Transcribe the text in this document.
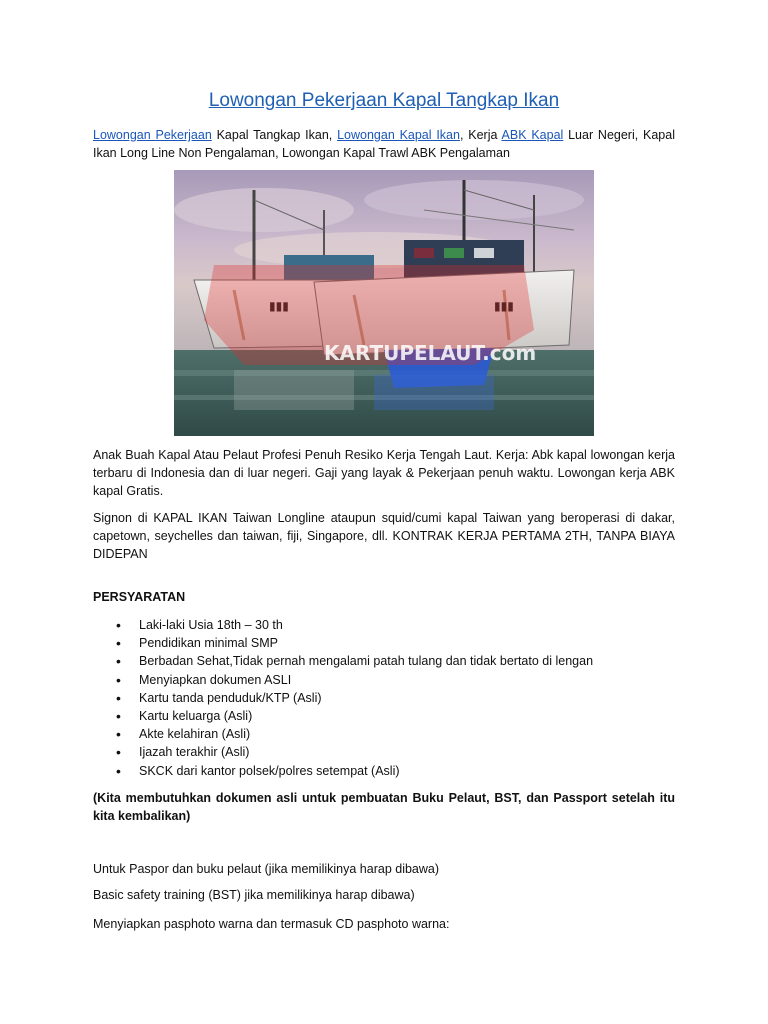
Lowongan Pekerjaan Kapal Tangkap Ikan
Lowongan Pekerjaan Kapal Tangkap Ikan, Lowongan Kapal Ikan, Kerja ABK Kapal Luar Negeri, Kapal Ikan Long Line Non Pengalaman, Lowongan Kapal Trawl ABK Pengalaman
▮▮▮	▮▮▮
KARTUPELAUT.com
Anak Buah Kapal Atau Pelaut Profesi Penuh Resiko Kerja Tengah Laut. Kerja: Abk kapal lowongan kerja terbaru di Indonesia dan di luar negeri. Gaji yang layak & Pekerjaan penuh waktu. Lowongan kerja ABK kapal Gratis.
Signon di KAPAL IKAN Taiwan Longline ataupun squid/cumi kapal Taiwan yang beroperasi di dakar, capetown, seychelles dan taiwan, fiji, Singapore, dll. KONTRAK KERJA PERTAMA 2TH, TANPA BIAYA DIDEPAN
PERSYARATAN
• Laki-laki Usia 18th – 30 th
• Pendidikan minimal SMP
• Berbadan Sehat,Tidak pernah mengalami patah tulang dan tidak bertato di lengan
• Menyiapkan dokumen ASLI
• Kartu tanda penduduk/KTP (Asli)
• Kartu keluarga (Asli)
• Akte kelahiran (Asli)
• Ijazah terakhir (Asli)
• SKCK dari kantor polsek/polres setempat (Asli)
(Kita membutuhkan dokumen asli untuk pembuatan Buku Pelaut, BST, dan Passport setelah itu kita kembalikan)
Untuk Paspor dan buku pelaut (jika memilikinya harap dibawa)
Basic safety training (BST) jika memilikinya harap dibawa)
Menyiapkan pasphoto warna dan termasuk CD pasphoto warna:
